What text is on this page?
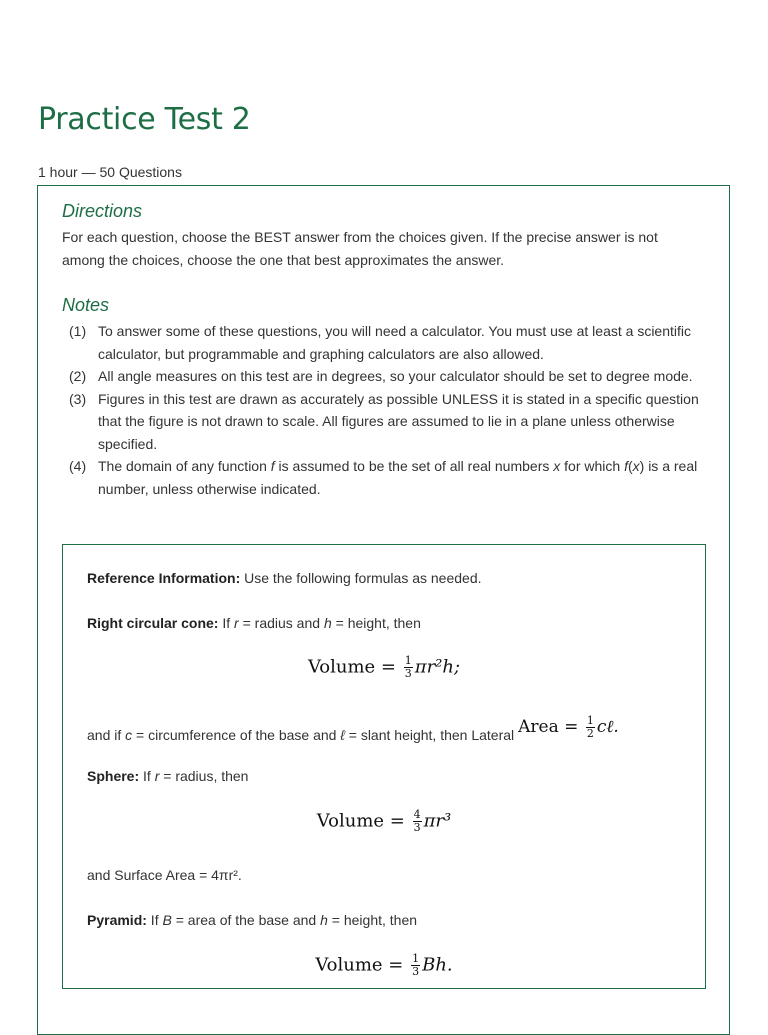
Practice Test 2
1 hour — 50 Questions
Directions

For each question, choose the BEST answer from the choices given. If the precise answer is not among the choices, choose the one that best approximates the answer.

Notes
(1) To answer some of these questions, you will need a calculator. You must use at least a scientific calculator, but programmable and graphing calculators are also allowed.
(2) All angle measures on this test are in degrees, so your calculator should be set to degree mode.
(3) Figures in this test are drawn as accurately as possible UNLESS it is stated in a specific question that the figure is not drawn to scale. All figures are assumed to lie in a plane unless otherwise specified.
(4) The domain of any function f is assumed to be the set of all real numbers x for which f(x) is a real number, unless otherwise indicated.

Reference Information: Use the following formulas as needed.

Right circular cone: If r = radius and h = height, then

Volume = $\frac{1}{3} \pi r^2h$;

and if c = circumference of the base and ℓ = slant height, then Lateral Area = $\frac{1}{2}$ cℓ.

Sphere: If r = radius, then

Volume = $\frac{4}{3} \pi r^3$

and Surface Area = 4πr².

Pyramid: If B = area of the base and h = height, then

Volume = $\frac{1}{3} Bh$.
